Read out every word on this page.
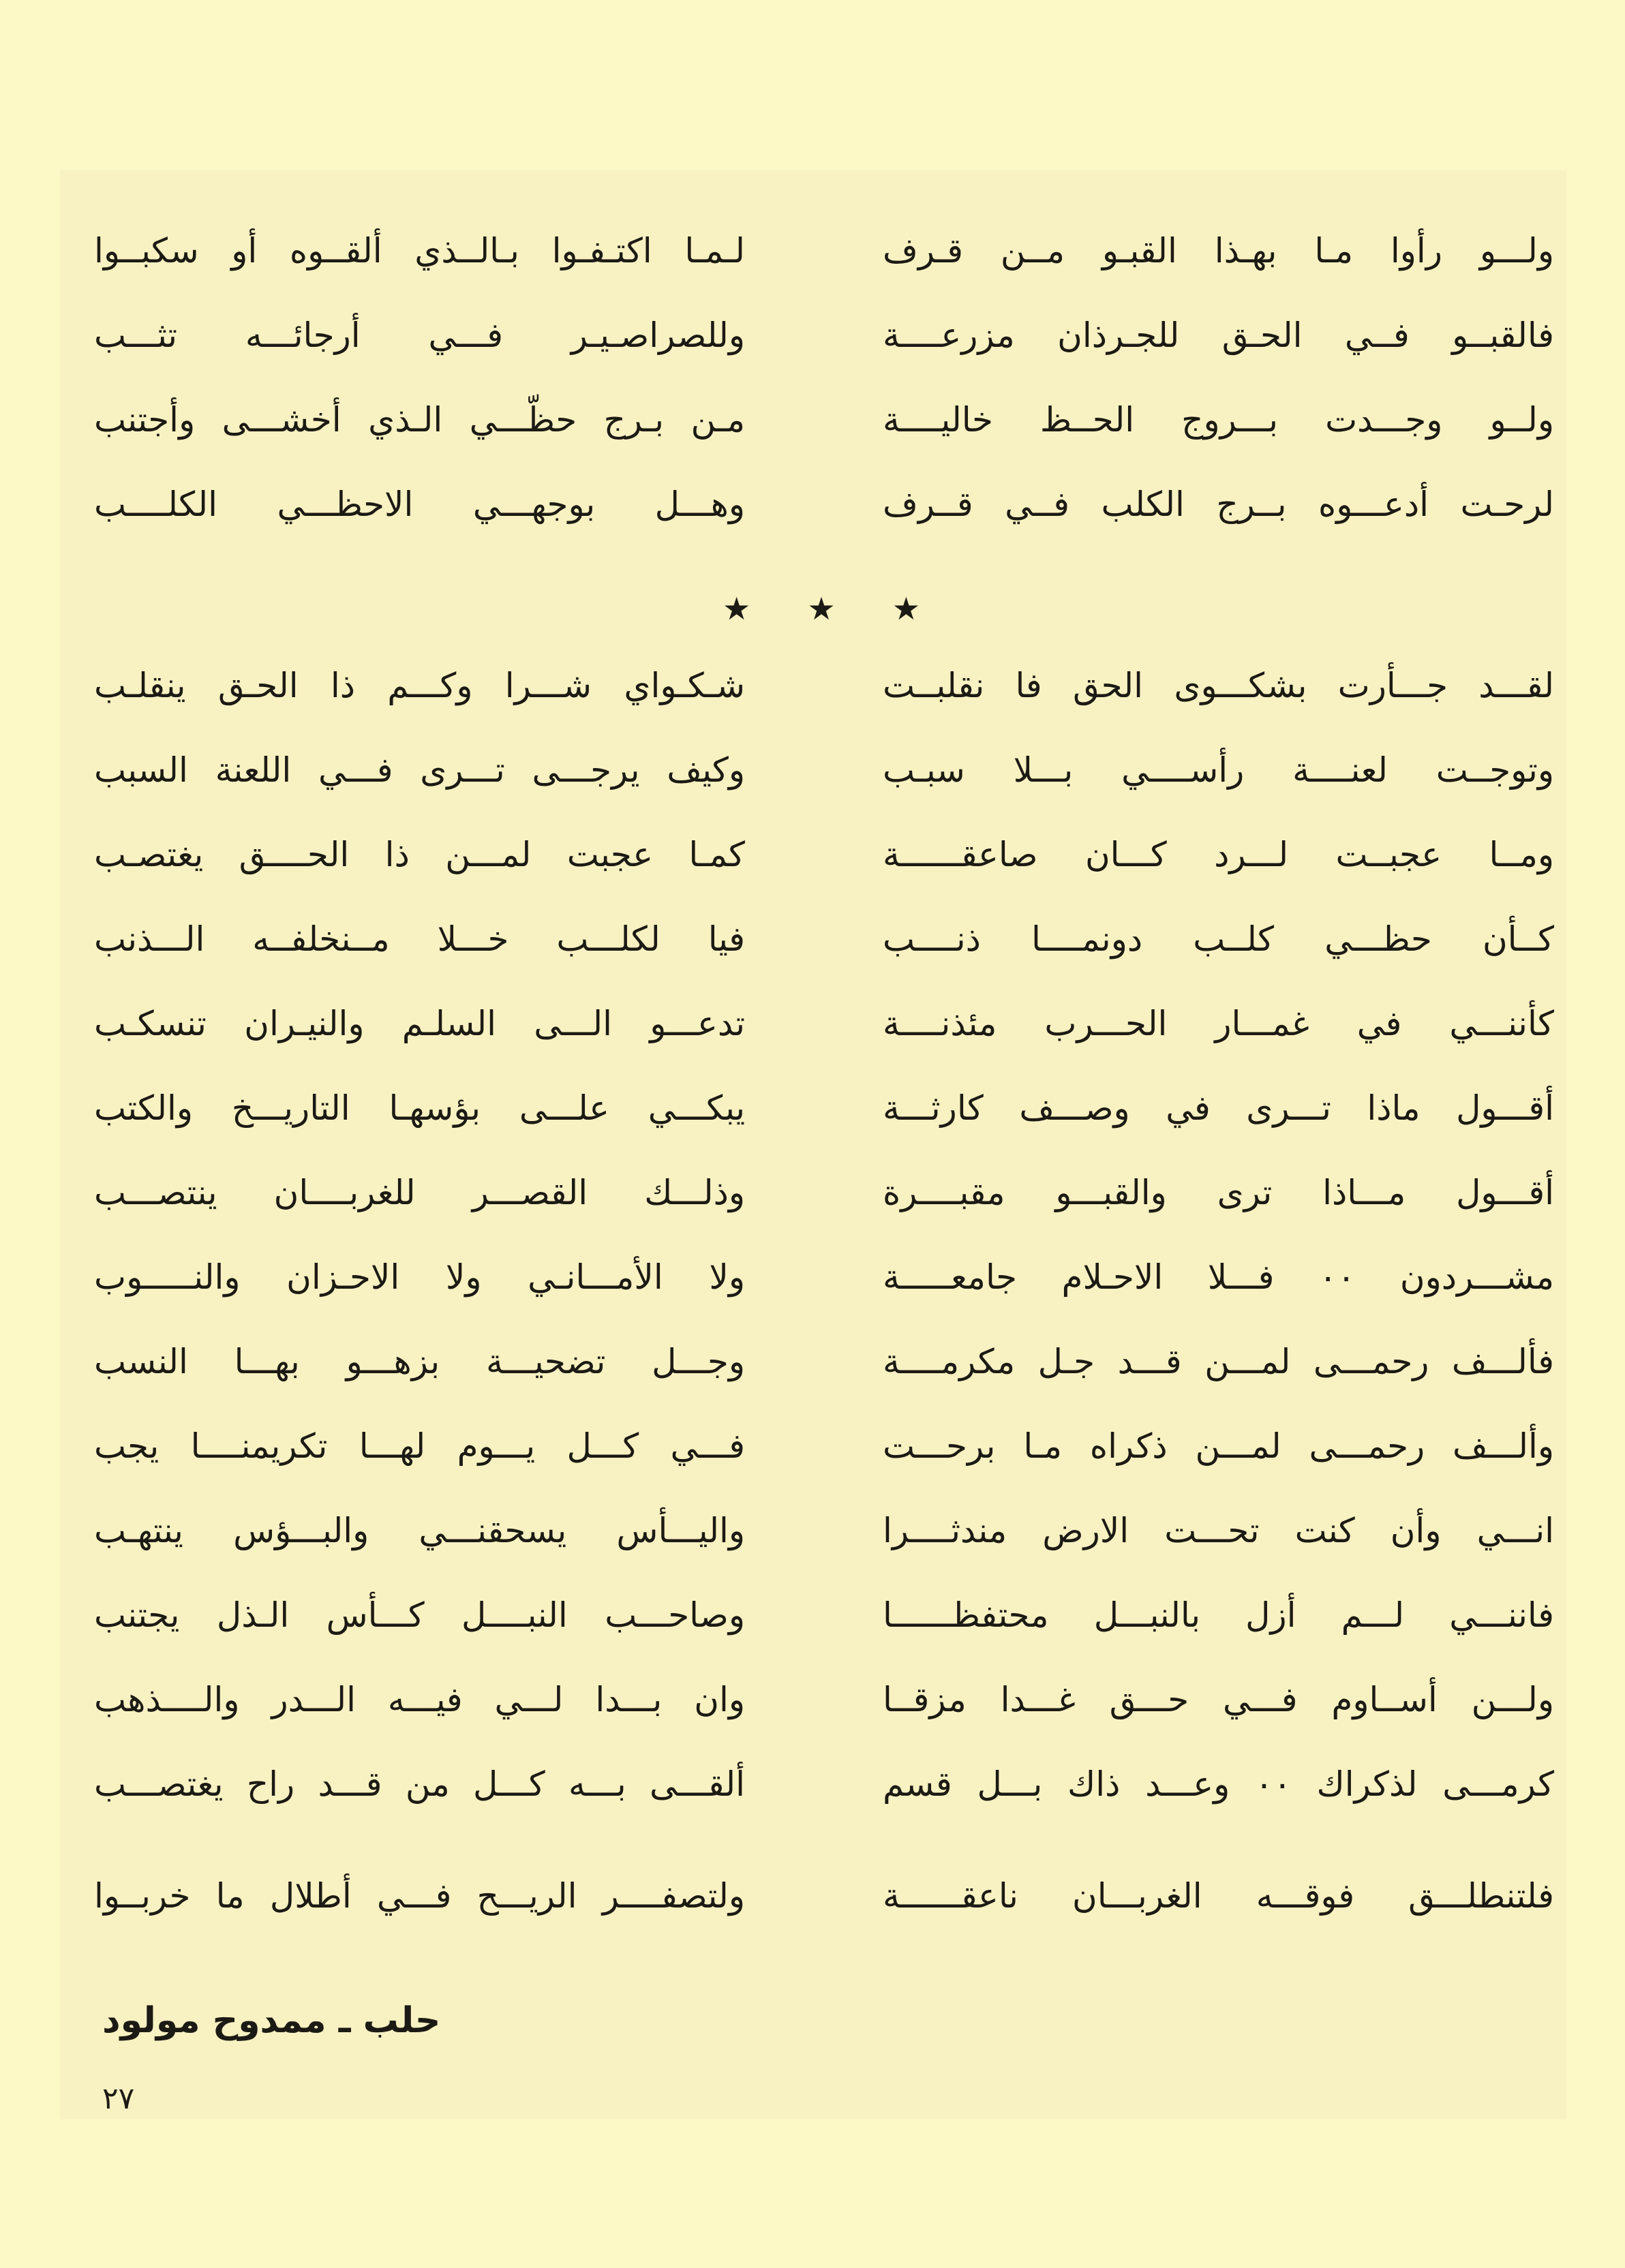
ولـــو رأوا مـا بهـذا القبـو مــن قـرف
لـمـا اكتـفـوا بـالــذي ألقــوه أو سكبــوا
فالقبــو فــي الحـق للجـرذان مزرعــــة
وللصراصـيـر فـــي أرجائـــه تثـــب
ولــو وجـــدت بـــروج الحــظ خاليــــة
مـن بـرج حظّـــي الـذي أخشـــى وأجتنب
لرحـت أدعـــوه بــرج الكلب فــي قــرف
وهـــل بوجهـــي الاحظـــي الكلــــب
★ ★ ★
لقـــد جـــأرت بشكـــوى الحق فا نقلبــت
شـكـواي شـــرا وكـــم ذا الحـق ينقلـب
وتوجــت لعنــــة رأســــي بـــلا سبـب
وكيف يرجـــى تـــرى فـــي اللعنة السبب
ومــا عجبــت لـــرد كـــان صاعقــــــة
كمـا عجبت لمـــن ذا الحــــق يغتصـب
كــأن حظـــي كلــب دونمــــا ذنــــب
فيا لكلـــب خـــلا مــنخلفــه الـــذنب
كأننـــي في غمـــار الحـــرب مئذنــــة
تدعـــو الـــى السلـم والنيـران تنسكـب
أقـــول ماذا تـــرى في وصـــف كارثـــة
يبكـــي علـــى بؤسهـا التاريـــخ والكتب
أقـــول مـــاذا ترى والقبـــو مقبــــرة
وذلـــك القصـــر للغربــــان ينتصـــب
مشـــردون ٠٠ فـــلا الاحـلام جامعـــــة
ولا الأمـــانـي ولا الاحـزان والنـــــوب
فألـــف رحمـــى لمـــن قـــد جـل مكرمــــة
وجـــل تضحيـــة بزهـــو بهـــا النسب
وألـــف رحمـــى لمـــن ذكراه مـا برحـــت
فـــي كـــل يـــوم لهـــا تكريمنــــا يجب
انـــي وأن كنت تحـــت الارض مندثــــرا
واليـــأس يسحقنـــي والبـــؤس ينتهـب
فاننـــي لـــم أزل بالنبـــل محتفظــــــا
وصاحـــب النبــــل كـــأس الـذل يجتنب
ولـــن أســاوم فـــي حـــق غـــدا مزقــا
وان بـــدا لـــي فيـــه الـــدر والــــذهب
كرمـــى لذكراك ٠٠ وعـــد ذاك بـــل قسم
ألقـــى بـــه كـــل من قـــد راح يغتصـــب
فلتنطلـــق فوقـــه الغربـــان ناعقــــــة
ولتصفــــر الريـــح فـــي أطلال ما خربــوا
حلب ـ ممدوح مولود
٢٧
